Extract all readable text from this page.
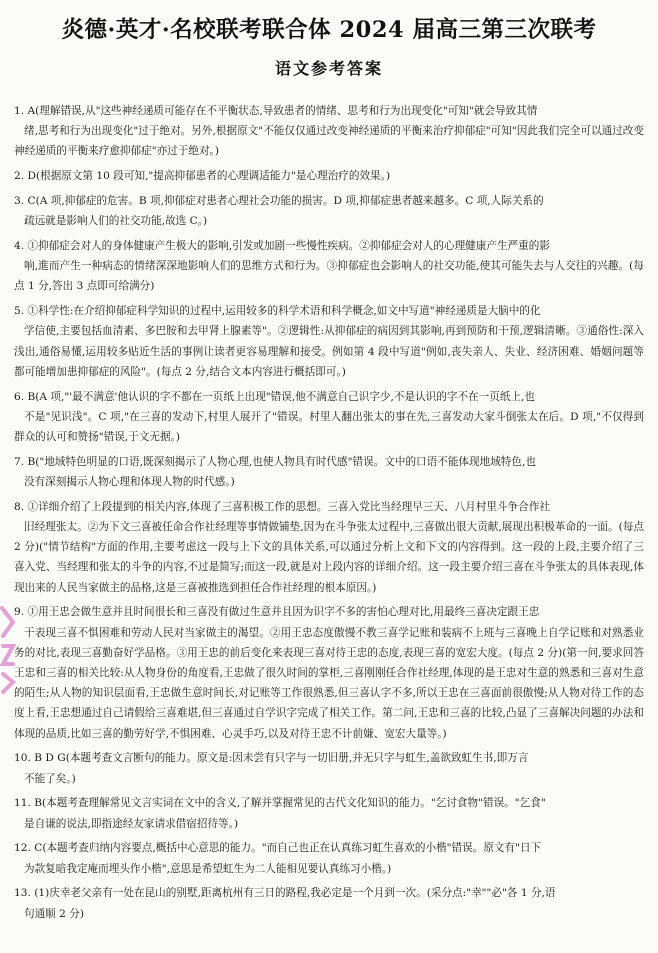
炎德·英才·名校联考联合体 2024 届高三第三次联考
语文参考答案
1. A(理解错误,从"这些神经递质可能存在不平衡状态,导致患者的情绪、思考和行为出现变化"可知"就会导致其情
绪,思考和行为出现变化"过于绝对。另外,根据原文"不能仅仅通过改变神经递质的平衡来治疗抑郁症"可知"因此我们完全可以通过改变神经递质的平衡来疗愈抑郁症"亦过于绝对。)
2. D(根据原文第 10 段可知,"提高抑郁患者的心理调适能力"是心理治疗的效果。)
3. C(A 项,抑郁症的危害。B 项,抑郁症对患者心理社会功能的损害。D 项,抑郁症患者越来越多。C 项,人际关系的
疏远就是影响人们的社交功能,故选 C。)
4. ①抑郁症会对人的身体健康产生极大的影响,引发或加剧一些慢性疾病。②抑郁症会对人的心理健康产生严重的影
响,進而产生一种病态的情绪深深地影响人们的思维方式和行为。③抑郁症也会影响人的社交功能,使其可能失去与人交往的兴趣。(每点 1 分,答出 3 点即可给满分)
5. ①科学性:在介绍抑郁症科学知识的过程中,运用较多的科学术语和科学概念,如文中写道"神经递质是大脑中的化
学信使,主要包括血清素、多巴胺和去甲肾上腺素等"。②逻辑性:从抑郁症的病因到其影响,再到预防和干预,逻辑清晰。③通俗性:深入浅出,通俗易懂,运用较多贴近生活的事例让读者更容易理解和接受。例如第 4 段中写道"例如,丧失亲人、失业、经济困难、婚姻问题等都可能增加患抑郁症的风险"。(每点 2 分,结合文本内容进行概括即可。)
6. B(A 项,"'最不满意'他认识的字不都在一页纸上出现"错误,他不满意自己识字少,不是认识的字不在一页纸上,也
不是"见识浅"。C 项,"在三喜的发动下,村里人展开了"错误。村里人翻出张太的事在先,三喜发动大家斗倒张太在后。D 项,"不仅得到群众的认可和赞扬"错误,于文无据。)
7. B("地域特色明显的口语,既深刻揭示了人物心理,也使人物具有时代感"错误。文中的口语不能体现地域特色,也
没有深刻揭示人物心理和体现人物的时代感。)
8. ①详细介绍了上段提到的相关内容,体现了三喜积极工作的思想。三喜入党比当经理早三天、八月村里斗争合作社
旧经理张太。②为下文三喜被任命合作社经理等事情做铺垫,因为在斗争张太过程中,三喜做出很大贡献,展现出积极革命的一面。(每点 2 分)("情节结构"方面的作用,主要考虑这一段与上下文的具体关系,可以通过分析上文和下文的内容得到。这一段的上段,主要介绍了三喜入党、当经理和张太的斗争的内容,不过是简写;而这一段,就是对上段内容的详细介绍。这一段主要介绍三喜在斗争张太的具体表现,体现出来的人民当家做主的品格,这是三喜被推选到担任合作社经理的根本原因。)
9. ①用王忠会做生意并且时间很长和三喜没有做过生意并且因为识字不多的害怕心理对比,用最终三喜决定跟王忠
干表现三喜不惧困难和劳动人民对当家做主的渴望。②用王忠态度傲慢不教三喜学记账和装病不上班与三喜晚上自学记账和对熟悉业务的对比,表现三喜勤奋好学品格。③用王忠的前后变化来表现三喜对待王忠的态度,表现三喜的宽宏大度。(每点 2 分)(第一问,要求回答王忠和三喜的相关比较:从人物身份的角度看,王忠做了很久时间的掌柜,三喜刚刚任合作社经理,体现的是王忠对生意的熟悉和三喜对生意的陌生;从人物的知识层面看,王忠做生意时间长,对记账等工作很熟悉,但三喜认字不多,所以王忠在三喜面前很傲慢;从人物对待工作的态度上看,王忠想通过自己请假给三喜难堪,但三喜通过自学识字完成了相关工作。第二问,王忠和三喜的比较,凸显了三喜解决问题的办法和体现的品质,比如三喜的勤劳好学,不惧困难、心灵手巧,以及对待王忠不计前嫌、宽宏大量等。)
10. B D G(本题考查文言断句的能力。原文是:因未尝有只字与一切旧册,并无只字与虹生,盖欲致虹生书,即万言
不能了矣。)
11. B(本题考查理解常见文言实词在文中的含义,了解并掌握常见的古代文化知识的能力。"乞讨食物"错误。"乞食"
是自谦的说法,即指途经友家请求借宿招待等。)
12. C(本题考查归纳内容要点,概括中心意思的能力。"而自己也正在认真练习虹生喜欢的小楷"错误。原文有"日下
为款复暗我定庵而埋头作小楷",意思是希望虹生为二人能相见要认真练习小楷。)
13. (1)庆幸老父亲有一处在昆山的别墅,距离杭州有三日的路程,我必定是一个月到一次。(采分点:"幸""必"各 1 分,语
句通顺 2 分)
